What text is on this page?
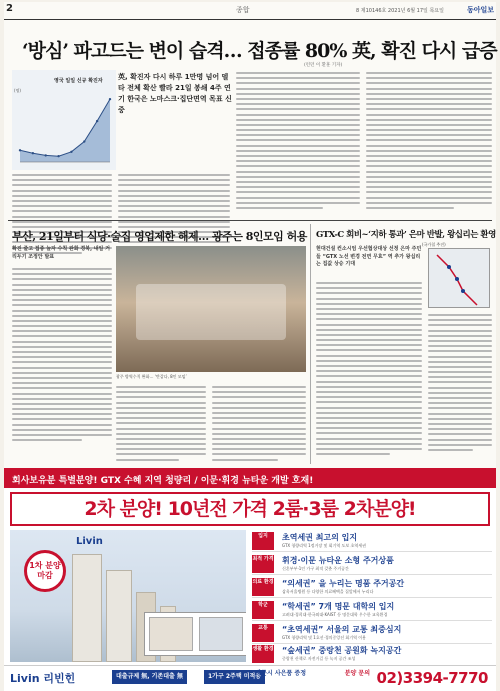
2	종합	8 제10146호 2021년 6월 17일 목요일	동아일보
‘방심’ 파고드는 변이 습격… 접종률 80% 英, 확진 다시 급증
(런던 이 환훈 기자)
영국 일일 신규 확진자
(명)
英, 확진자 다시 하루 1만명 넘어 델타 전체 확산 빨라 21일 봉쇄 4주 연기 한국은 노마스크·집단면역 목표 신중
부산, 21일부터 식당·술집 영업제한 해제… 광주는 8인모임 허용
확진 줄고 접종 늘자 수칙 완화 경북, 내일 거리두기 조정안 발표
광주 방역수칙 완화… ‘반갑다, 8인 모임’
GTX-C 회비~‘지하 통과’ 은마 반발, 왕십리는 환영
(국가철 추진)
현대건설 컨소시엄 우선협상대상 선정 은마 주민들 “GTX 노선 변경 전면 무효” 역 추가 왕십리는 집값 상승 기대
회사보유분 특별분양! GTX 수혜 지역 청량리 / 이문·휘경 뉴타운 개발 호재!
2차 분양! 10년전 가격 2룸·3룸 2차분양!
1차 분양 마감
Livin	입지	초역세권 최고의 입지
GTX 청량리역 1정거장 및 회기역 도보 초역세권
최적 가격 휘경·이문 뉴타운 소형 주거상품
신혼부부·1인 가구 최적 갖춘 주거공간
의료 환경 “의세권” 을 누리는 명품 주거공간
삼육서울병원 등 다양한 의료혜택을 집앞에서 누리다
학군	“학세권” 7개 명문 대학의 입지
고려대·경희대·한국외대·KAIST 등 명문대학 우수한 교육환경
교통	“초역세권” 서울의 교통 최중심지
GTX 청량리역 및 1호선·경의중앙선 회기역 이용
생활 환경 “숲세권” 중랑천 공원화 녹지공간
중랑천 산책로 자전거길 등 녹지 공간 조성
Livin 리빈힌	대출규제 無, 기존대출 無	1가구 2주택 미적용
방문시 사은품 증정	분양 문의 02)3394-7770
